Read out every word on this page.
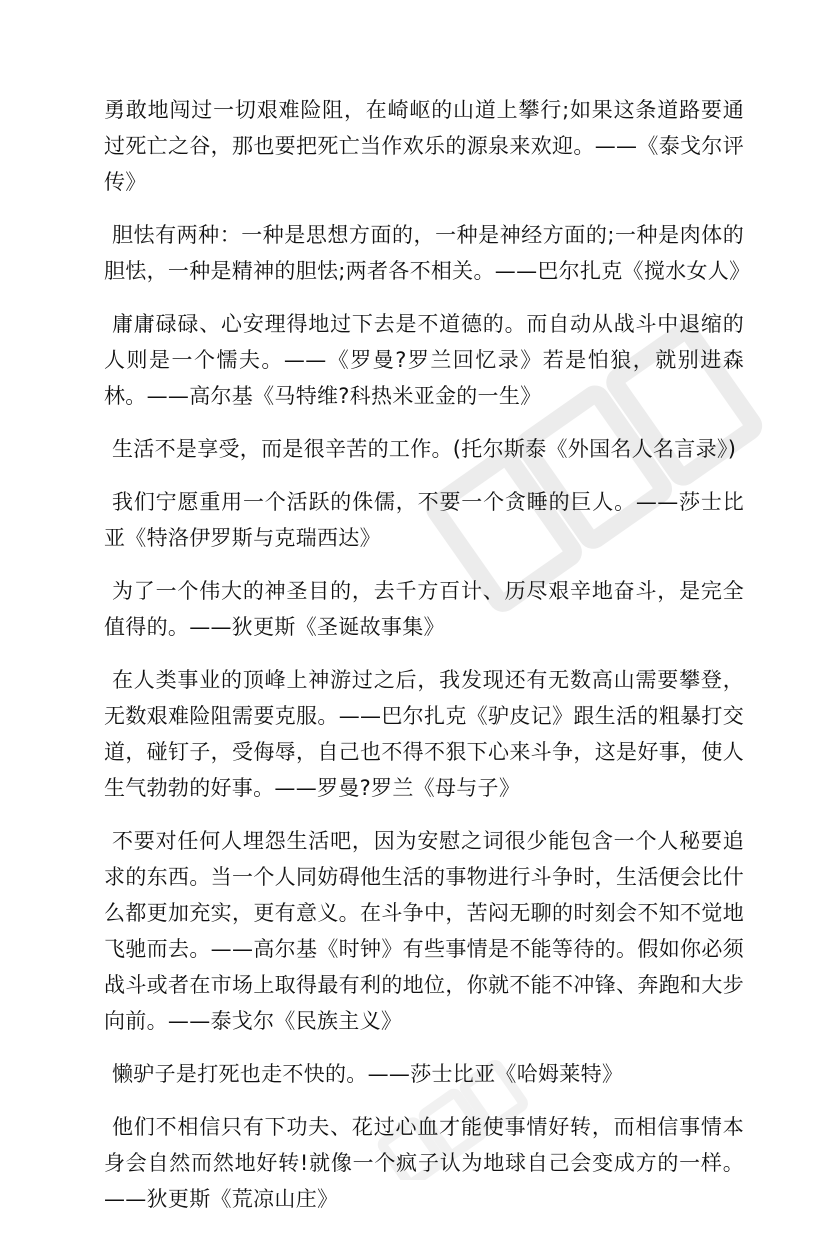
勇敢地闯过一切艰难险阻，在崎岖的山道上攀行;如果这条道路要通过死亡之谷，那也要把死亡当作欢乐的源泉来欢迎。——《泰戈尔评传》

胆怯有两种：一种是思想方面的，一种是神经方面的;一种是肉体的胆怯，一种是精神的胆怯;两者各不相关。——巴尔扎克《搅水女人》

庸庸碌碌、心安理得地过下去是不道德的。而自动从战斗中退缩的人则是一个懦夫。——《罗曼?罗兰回忆录》若是怕狼，就别进森林。——高尔基《马特维?科热米亚金的一生》

生活不是享受，而是很辛苦的工作。(托尔斯泰《外国名人名言录》)

我们宁愿重用一个活跃的侏儒，不要一个贪睡的巨人。——莎士比亚《特洛伊罗斯与克瑞西达》

为了一个伟大的神圣目的，去千方百计、历尽艰辛地奋斗，是完全值得的。——狄更斯《圣诞故事集》

在人类事业的顶峰上神游过之后，我发现还有无数高山需要攀登，无数艰难险阻需要克服。——巴尔扎克《驴皮记》跟生活的粗暴打交道，碰钉子，受侮辱，自己也不得不狠下心来斗争，这是好事，使人生气勃勃的好事。——罗曼?罗兰《母与子》

不要对任何人埋怨生活吧，因为安慰之词很少能包含一个人秘要追求的东西。当一个人同妨碍他生活的事物进行斗争时，生活便会比什么都更加充实，更有意义。在斗争中，苦闷无聊的时刻会不知不觉地飞驰而去。——高尔基《时钟》有些事情是不能等待的。假如你必须战斗或者在市场上取得最有利的地位，你就不能不冲锋、奔跑和大步向前。——泰戈尔《民族主义》

懒驴子是打死也走不快的。——莎士比亚《哈姆莱特》

他们不相信只有下功夫、花过心血才能使事情好转，而相信事情本身会自然而然地好转!就像一个疯子认为地球自己会变成方的一样。——狄更斯《荒凉山庄》
